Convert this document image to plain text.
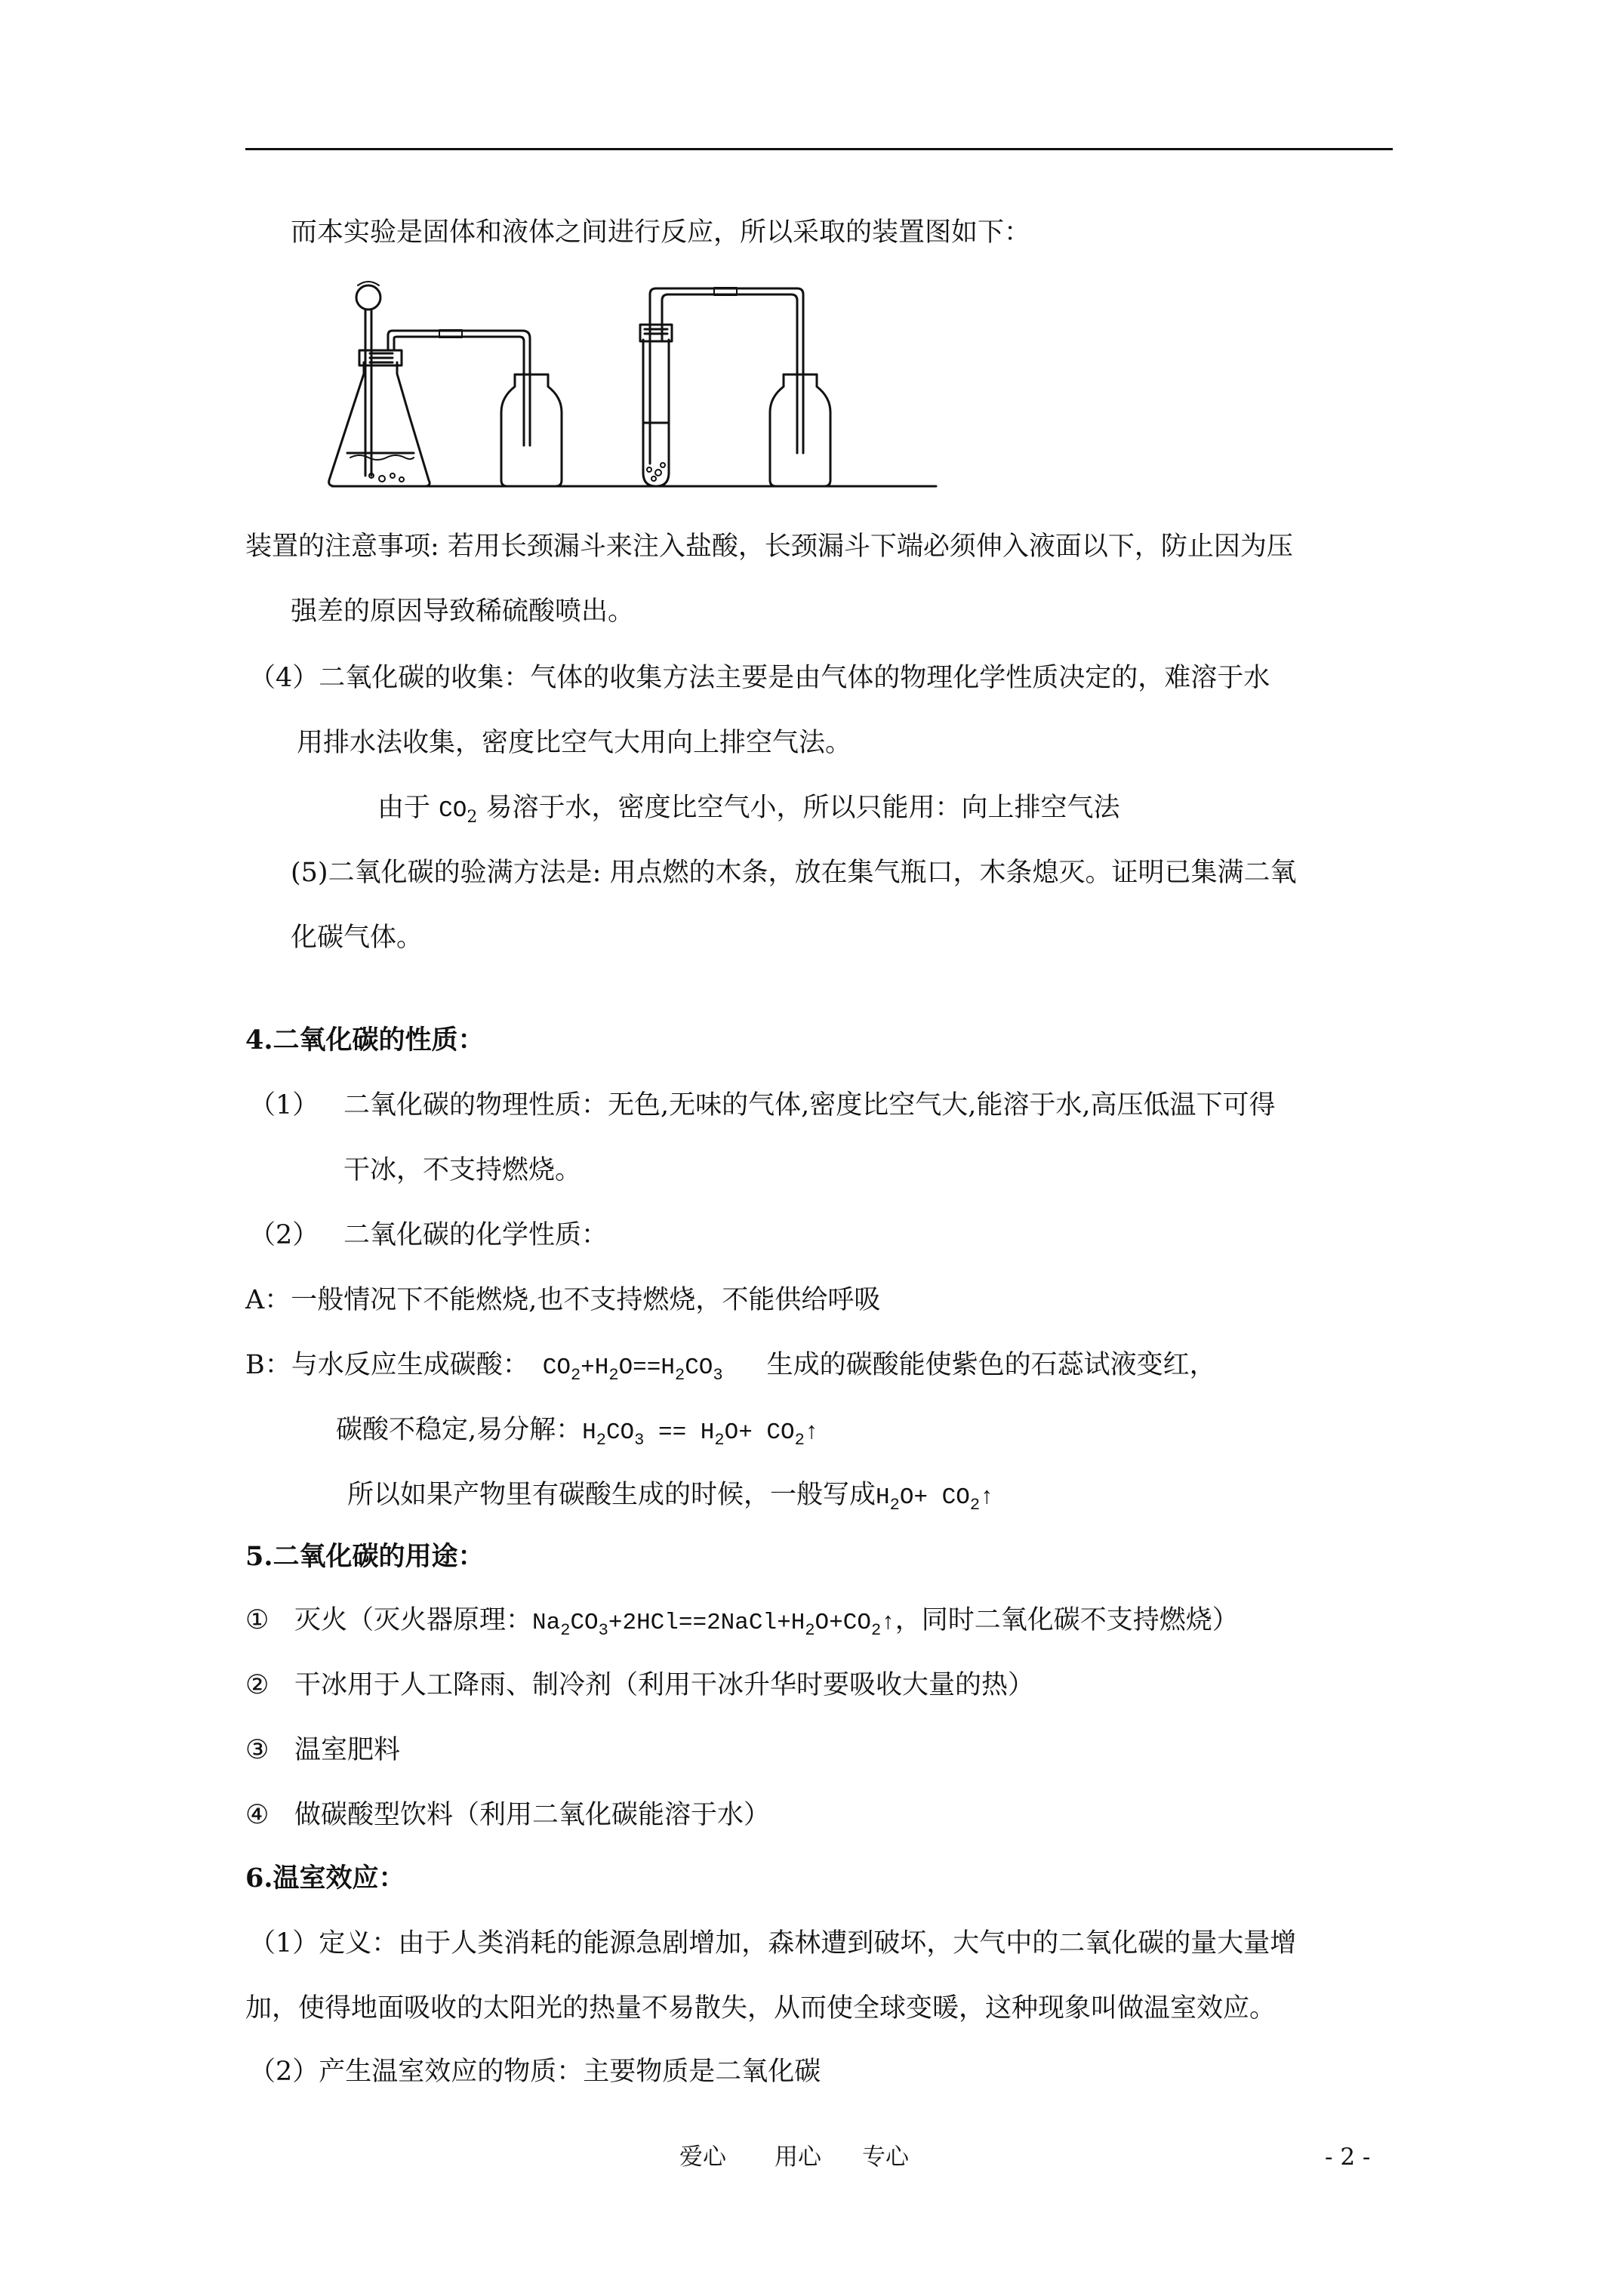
而本实验是固体和液体之间进行反应，所以采取的装置图如下：
装置的注意事项: 若用长颈漏斗来注入盐酸，长颈漏斗下端必须伸入液面以下，防止因为压
强差的原因导致稀硫酸喷出。
（4）二氧化碳的收集：气体的收集方法主要是由气体的物理化学性质决定的，难溶于水
用排水法收集，密度比空气大用向上排空气法。
由于 $CO_2$ 易溶于水，密度比空气小，所以只能用：向上排空气法
(5)二氧化碳的验满方法是: 用点燃的木条，放在集气瓶口，木条熄灭。证明已集满二氧
化碳气体。
4.二氧化碳的性质：
（1） 二氧化碳的物理性质：无色,无味的气体,密度比空气大,能溶于水,高压低温下可得
干冰，不支持燃烧。
（2） 二氧化碳的化学性质：
A：一般情况下不能燃烧,也不支持燃烧，不能供给呼吸
B：与水反应生成碳酸： $CO_2+H_2O==H_2CO_3$ 生成的碳酸能使紫色的石蕊试液变红，
碳酸不稳定,易分解：$H_2CO_3 == H_2O+$ $CO_2↑$
所以如果产物里有碳酸生成的时候，一般写成$H_2O+$ $CO_2↑$
5.二氧化碳的用途：
① 灭火（灭火器原理：$Na_2CO_3+2HCl==2NaCl+H_2O+CO_2↑$，同时二氧化碳不支持燃烧）
② 干冰用于人工降雨、制冷剂（利用干冰升华时要吸收大量的热）
③ 温室肥料
④ 做碳酸型饮料（利用二氧化碳能溶于水）
6.温室效应：
（1）定义：由于人类消耗的能源急剧增加，森林遭到破坏，大气中的二氧化碳的量大量增
加，使得地面吸收的太阳光的热量不易散失，从而使全球变暖，这种现象叫做温室效应。
（2）产生温室效应的物质：主要物质是二氧化碳
爱心 用心 专心	- 2 -
